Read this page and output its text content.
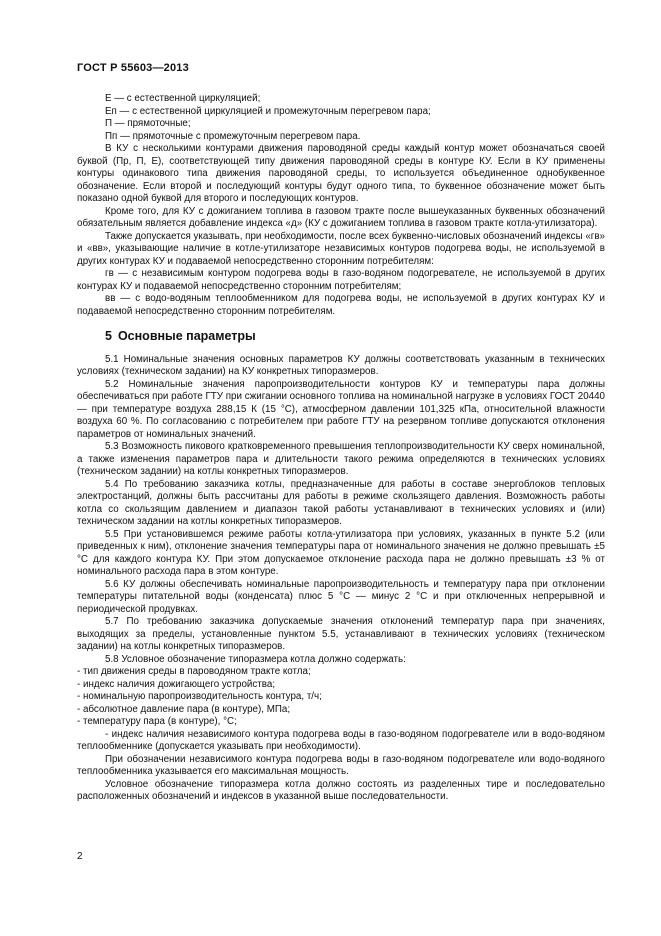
ГОСТ Р 55603—2013

Е — с естественной циркуляцией;

Еп — с естественной циркуляцией и промежуточным перегревом пара;

П — прямоточные;

Пп — прямоточные с промежуточным перегревом пара.

В КУ с несколькими контурами движения пароводяной среды каждый контур может обозначаться своей буквой (Пр, П, Е), соответствующей типу движения пароводяной среды в контуре КУ. Если в КУ применены контуры одинакового типа движения пароводяной среды, то используется объединенное однобуквенное обозначение. Если второй и последующий контуры будут одного типа, то буквенное обозначение может быть показано одной буквой для второго и последующих контуров.

Кроме того, для КУ с дожиганием топлива в газовом тракте после вышеуказанных буквенных обозначений обязательным является добавление индекса «д» (КУ с дожиганием топлива в газовом тракте котла-утилизатора).

Также допускается указывать, при необходимости, после всех буквенно-числовых обозначений индексы «гв» и «вв», указывающие наличие в котле-утилизаторе независимых контуров подогрева воды, не используемой в других контурах КУ и подаваемой непосредственно сторонним потребителям:

гв — с независимым контуром подогрева воды в газо-водяном подогревателе, не используемой в других контурах КУ и подаваемой непосредственно сторонним потребителям;

вв — с водо-водяным теплообменником для подогрева воды, не используемой в других контурах КУ и подаваемой непосредственно сторонним потребителям.

5 Основные параметры

5.1 Номинальные значения основных параметров КУ должны соответствовать указанным в технических условиях (техническом задании) на КУ конкретных типоразмеров.

5.2 Номинальные значения паропроизводительности контуров КУ и температуры пара должны обеспечиваться при работе ГТУ при сжигании основного топлива на номинальной нагрузке в условиях ГОСТ 20440 — при температуре воздуха 288,15 К (15 °С), атмосферном давлении 101,325 кПа, относительной влажности воздуха 60 %. По согласованию с потребителем при работе ГТУ на резервном топливе допускаются отклонения параметров от номинальных значений.

5.3 Возможность пикового кратковременного превышения теплопроизводительности КУ сверх номинальной, а также изменения параметров пара и длительности такого режима определяются в технических условиях (техническом задании) на котлы конкретных типоразмеров.

5.4 По требованию заказчика котлы, предназначенные для работы в составе энергоблоков тепловых электростанций, должны быть рассчитаны для работы в режиме скользящего давления. Возможность работы котла со скользящим давлением и диапазон такой работы устанавливают в технических условиях и (или) техническом задании на котлы конкретных типоразмеров.

5.5 При установившемся режиме работы котла-утилизатора при условиях, указанных в пункте 5.2 (или приведенных к ним), отклонение значения температуры пара от номинального значения не должно превышать ±5 °С для каждого контура КУ. При этом допускаемое отклонение расхода пара не должно превышать ±3 % от номинального расхода пара в этом контуре.

5.6 КУ должны обеспечивать номинальные паропроизводительность и температуру пара при отклонении температуры питательной воды (конденсата) плюс 5 °С — минус 2 °С и при отключенных непрерывной и периодической продувках.

5.7 По требованию заказчика допускаемые значения отклонений температур пара при значениях, выходящих за пределы, установленные пунктом 5.5, устанавливают в технических условиях (техническом задании) на котлы конкретных типоразмеров.

5.8 Условное обозначение типоразмера котла должно содержать:

- тип движения среды в пароводяном тракте котла;

- индекс наличия дожигающего устройства;

- номинальную паропроизводительность контура, т/ч;

- абсолютное давление пара (в контуре), МПа;

- температуру пара (в контуре), °С;

- индекс наличия независимого контура подогрева воды в газо-водяном подогревателе или в водо-водяном теплообменнике (допускается указывать при необходимости).

При обозначении независимого контура подогрева воды в газо-водяном подогревателе или водо-водяного теплообменника указывается его максимальная мощность.

Условное обозначение типоразмера котла должно состоять из разделенных тире и последовательно расположенных обозначений и индексов в указанной выше последовательности.

2
